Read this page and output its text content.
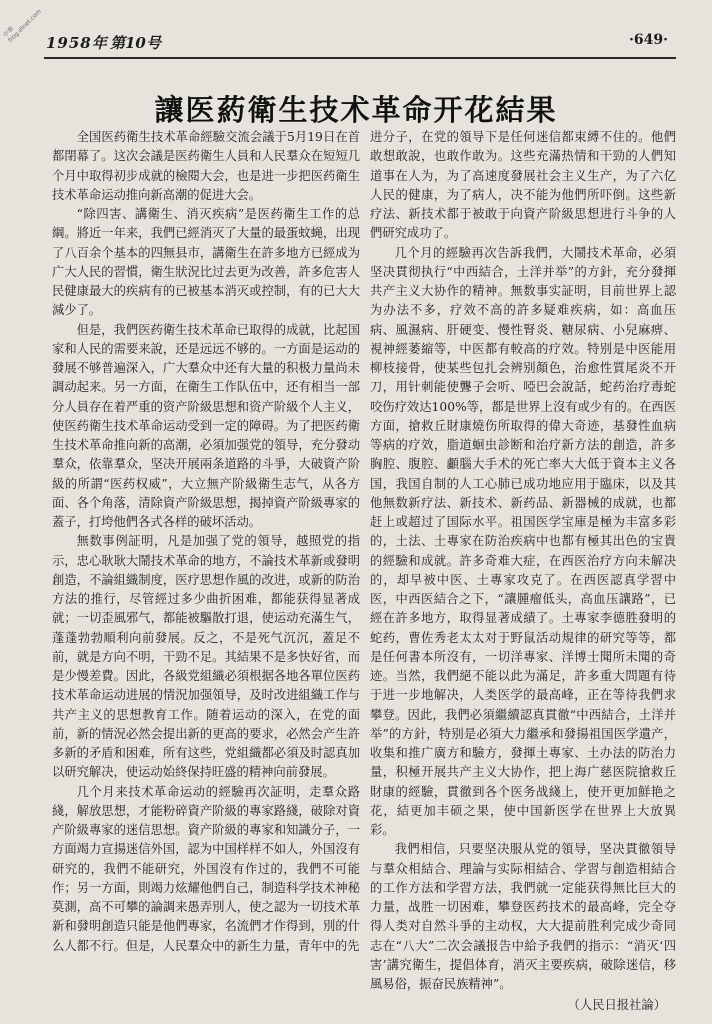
中華 frog.dlnet.com 1958年 第10号	·649·
讓医葯衛生技术革命开花結果

全国医药衛生技术革命經驗交流会議于5月19日在首都閉幕了。这次会議是医药衛生人員和人民羣众在短短几个月中取得初步成就的檢閱大会，也是进一步把医药衛生技术革命运动推向新高潮的促进大会。

“除四害、講衛生、消灭疾病”是医药衛生工作的总綱。將近一年来，我們已經消灭了大量的最蛋蚊蝇，出现了八百余个基本的四無县市，講衛生在許多地方已經成为广大人民的習慣，衛生狀況比过去更为改善，許多危害人民健康最大的疾病有的已被基本消灭或控制，有的已大大減少了。

但是，我們医药衛生技术革命已取得的成就，比起国家和人民的需要来說，还是远远不够的。一方面是运动的發展不够普遍深入，广大羣众中还有大量的积极力量尚未調动起来。另一方面，在衛生工作队伍中，还有相当一部分人員存在着严重的资产阶級思想和资产阶級个人主义，使医药衛生技术革命运动受到一定的障碍。为了把医药衛生技术革命推向新的高潮，必須加强党的領导，充分發动羣众，依靠羣众，坚决开展兩条道路的斗爭，大破資产阶級的所謂“医药权威”，大立無产阶級衛生志气，从各方面、各个角落，清除資产阶級思想，揭掉資产阶級專家的蓋子，打垮他們各式各样的破坏活动。

無数事例証明，凡是加强了党的領导，越照党的指示，忠心耿耿大鬧技术革命的地方，不論技术革新或發明創造，不論組織制度，医疗思想作風的改进，或新的防治方法的推行，尽管經过多少曲折困难，都能获得显著成就；一切歪風邪气，都能被驅散打退，使运动充滿生气，蓬蓬勃勃順利向前發展。反之，不是死气沉沉，蓋足不前，就是方向不明，干勁不足。其結果不是多快好省，而是少慢差費。因此，各級党組織必須根据各地各單位医药技术革命运动进展的情況加强領导，及时改进組織工作与共产主义的思想教育工作。随着运动的深入，在党的面前，新的情況必然会提出新的更高的要求，必然会产生許多新的矛盾和困难，所有这些，党組織都必須及时認真加以研究解决，使运动始終保持旺盛的精神向前發展。

几个月来技术革命运动的經驗再次証明，走羣众路綫，解放思想，才能粉碎資产阶級的專家路綫，破除对資产阶級專家的迷信思想。資产阶級的專家和知識分子，一方面竭力宣揚迷信外国，認为中国样样不如人，外国沒有研究的，我們不能研究，外国沒有作过的，我們不可能作；另一方面，則竭力炫耀他們自己，制造科学技术神秘莫測，高不可攀的論調来愚弄別人，使之認为一切技术革新和發明創造只能是他們專家，名流們才作得到，別的什么人都不行。但是，人民羣众中的新生力量，青年中的先

进分子，在党的領导下是任何迷信都束縛不住的。他們敢想敢說，也敢作敢为。这些充滿热情和干勁的人們知道事在人为，为了高速度發展社会主义生产，为了六亿人民的健康，为了病人，决不能为他們所吓倒。这些新疗法、新技术都于被敢于向資产阶級思想进行斗争的人們研究成功了。

几个月的經驗再次告訴我們，大鬧技术革命，必須坚决貫彻执行“中西結合，土洋并举”的方針，充分發揮共产主义大协作的精神。無数事实証明，目前世界上認为办法不多，疗效不高的許多疑难疾病，如：高血压病、風濕病、肝硬变、慢性腎炎、糖尿病、小兒麻痹、視神經萎縮等，中医都有較高的疗效。特别是中医能用柳枝接骨，使某些包扎会辨别顏色，治愈性質尾炎不开刀，用针刺能使聾子会听、啞巴会說話，蛇药治疗毒蛇咬伤疗效达100%等，都是世界上沒有或少有的。在西医方面，搶救丘財康燒伤所取得的偉大奇迹，基發性血病等病的疗效，脂道蛔虫診断和治疗新方法的創造，許多胸腔、腹腔、顱腦大手术的死亡率大大低于資本主义各国，我国自制的人工心肺已成功地应用于臨床，以及其他無数新疗法、新技术、新药品、新器械的成就，也都赶上或超过了国际水平。祖国医学宝庫是極为丰富多彩的，土法、土專家在防治疾病中也都有極其出色的宝貴的經驗和成就。許多奇难大症，在西医治疗方向未解决的，却早被中医、土專家攻克了。在西医認真学習中医，中西医結合之下，“讓腫瘤低头，高血压讓路”，已經在許多地方，取得显著成績了。土專家李德胜發明的蛇药，曹佐秀老太太对于野鼠活动規律的研究等等，都是任何書本所沒有，一切洋專家、洋博士聞所未聞的奇迹。当然，我們絕不能以此为滿足，許多重大問題有待于进一步地解决，人类医学的最高峰，正在等待我們求攀登。因此，我們必須繼續認真貫徹“中西結合，土洋并举”的方針，特别是必須大力繼承和發揚祖国医学遺产，收集和推广廣方和驗方，發揮土專家、土办法的防治力量，积極开展共产主义大协作，把上海广慈医院搶救丘財康的經驗，貫徹到各个医务战綫上，使开更加鮮艳之花，結更加丰硕之果，使中国新医学在世界上大放異彩。

我們相信，只要坚决服从党的領导，坚决貫徹領导与羣众相結合、理論与实际相結合、学習与創造相結合的工作方法和学習方法，我們就一定能获得無比巨大的力量，战胜一切困难，攀登医药技术的最高峰，完全夺得人类对自然斗爭的主动权，大大提前胜利完成少奇同志在“八大”二次会議报告中給予我們的指示：“消灭‘四害’講究衛生，提倡体育，消灭主要疾病，破除迷信，移風易俗，振奋民族精神”。

（人民日报社論）
